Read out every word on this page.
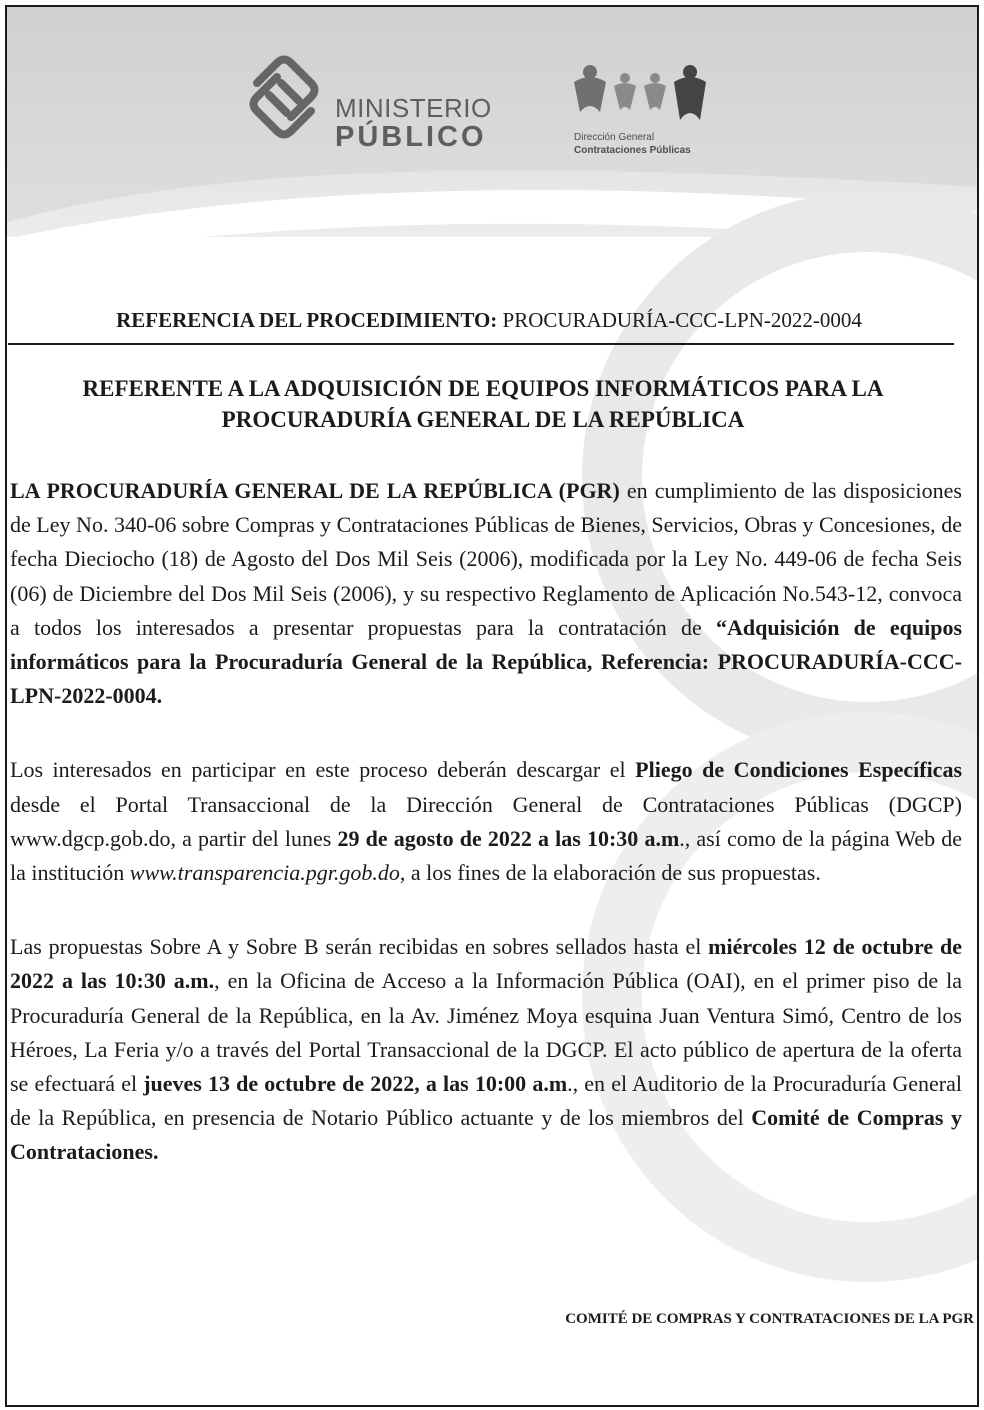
MINISTERIO
PÚBLICO	Dirección General
Contrataciones Públicas
REFERENCIA DEL PROCEDIMIENTO: PROCURADURÍA-CCC-LPN-2022-0004
REFERENTE A LA ADQUISICIÓN DE EQUIPOS INFORMÁTICOS PARA LA
PROCURADURÍA GENERAL DE LA REPÚBLICA

LA PROCURADURÍA GENERAL DE LA REPÚBLICA (PGR) en cumplimiento de las disposiciones de Ley No. 340-06 sobre Compras y Contrataciones Públicas de Bienes, Servicios, Obras y Concesiones, de fecha Dieciocho (18) de Agosto del Dos Mil Seis (2006), modificada por la Ley No. 449-06 de fecha Seis (06) de Diciembre del Dos Mil Seis (2006), y su respectivo Reglamento de Aplicación No.543-12, convoca a todos los interesados a presentar propuestas para la contratación de “Adquisición de equipos informáticos para la Procuraduría General de la República, Referencia: PROCURADURÍA-CCC-LPN-2022-0004.

Los interesados en participar en este proceso deberán descargar el Pliego de Condiciones Específicas desde el Portal Transaccional de la Dirección General de Contrataciones Públicas (DGCP) www.dgcp.gob.do, a partir del lunes 29 de agosto de 2022 a las 10:30 a.m., así como de la página Web de la institución www.transparencia.pgr.gob.do, a los fines de la elaboración de sus propuestas.

Las propuestas Sobre A y Sobre B serán recibidas en sobres sellados hasta el miércoles 12 de octubre de 2022 a las 10:30 a.m., en la Oficina de Acceso a la Información Pública (OAI), en el primer piso de la Procuraduría General de la República, en la Av. Jiménez Moya esquina Juan Ventura Simó, Centro de los Héroes, La Feria y/o a través del Portal Transaccional de la DGCP. El acto público de apertura de la oferta se efectuará el jueves 13 de octubre de 2022, a las 10:00 a.m., en el Auditorio de la Procuraduría General de la República, en presencia de Notario Público actuante y de los miembros del Comité de Compras y Contrataciones.

COMITÉ DE COMPRAS Y CONTRATACIONES DE LA PGR
